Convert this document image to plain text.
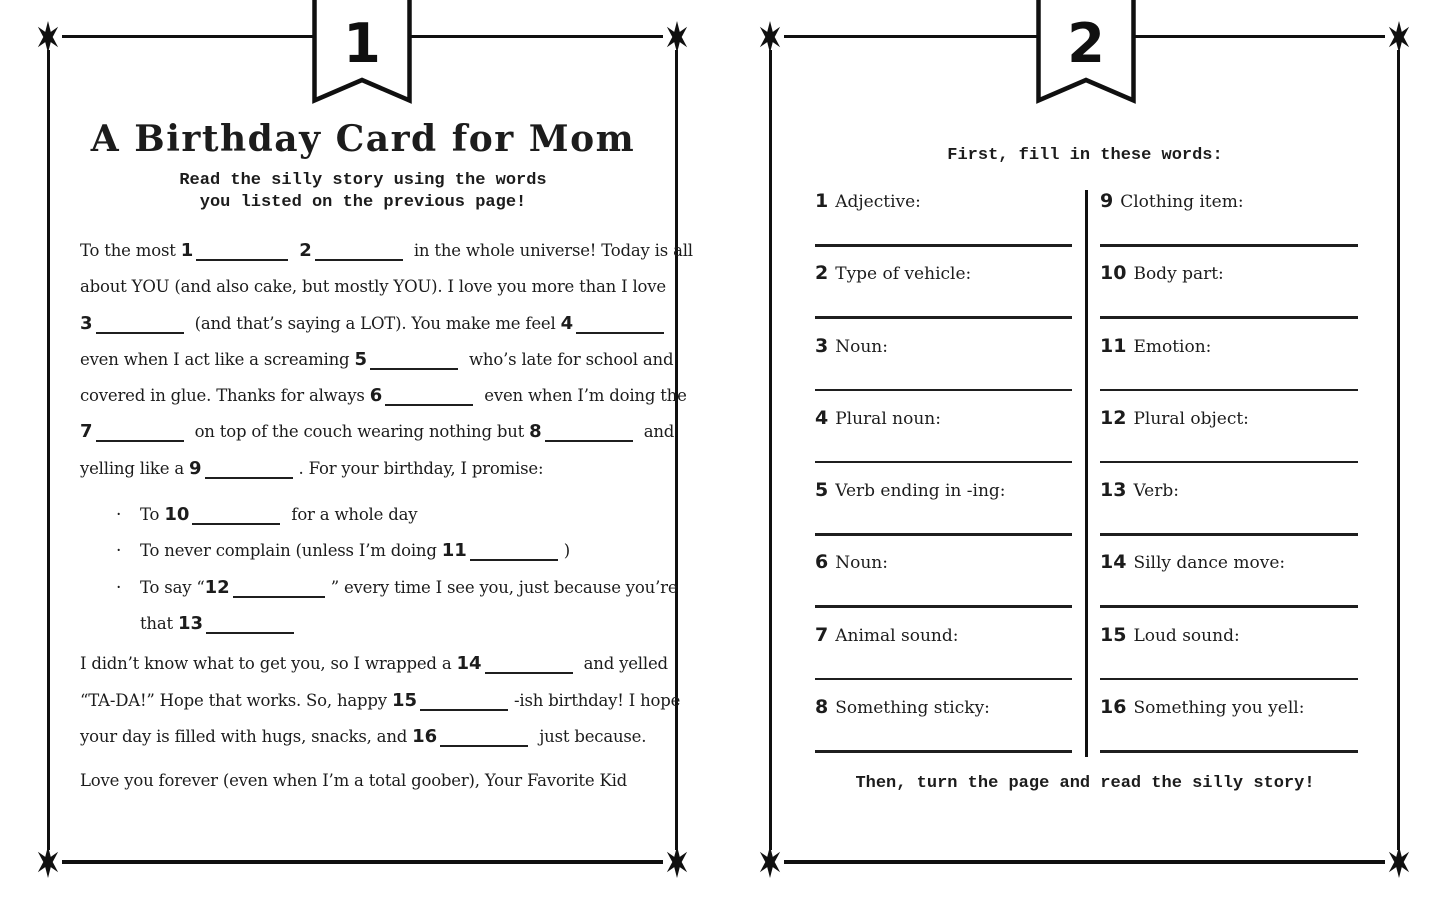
1
A Birthday Card for Mom
Read the silly story using the words
you listed on the previous page!
To the most 1	2	in the whole universe! Today is all
about YOU (and also cake, but mostly YOU). I love you more than I love
3	(and that’s saying a LOT). You make me feel 4
even when I act like a screaming 5	who’s late for school and
covered in glue. Thanks for always 6	even when I’m doing the
7	on top of the couch wearing nothing but 8	and
yelling like a 9	. For your birthday, I promise:
· To 10	for a whole day
· To never complain (unless I’m doing 11	)
· To say “12	” every time I see you, just because you’re
that 13
I didn’t know what to get you, so I wrapped a 14	and yelled
“TA-DA!” Hope that works. So, happy 15	-ish birthday! I hope
your day is filled with hugs, snacks, and 16	just because.
Love you forever (even when I’m a total goober), Your Favorite Kid
2
First, fill in these words:
1 Adjective:
2 Type of vehicle:
3 Noun:
4 Plural noun:
5 Verb ending in -ing:
6 Noun:
7 Animal sound:
8 Something sticky:
9 Clothing item:
10 Body part:
11 Emotion:
12 Plural object:
13 Verb:
14 Silly dance move:
15 Loud sound:
16 Something you yell:
Then, turn the page and read the silly story!
